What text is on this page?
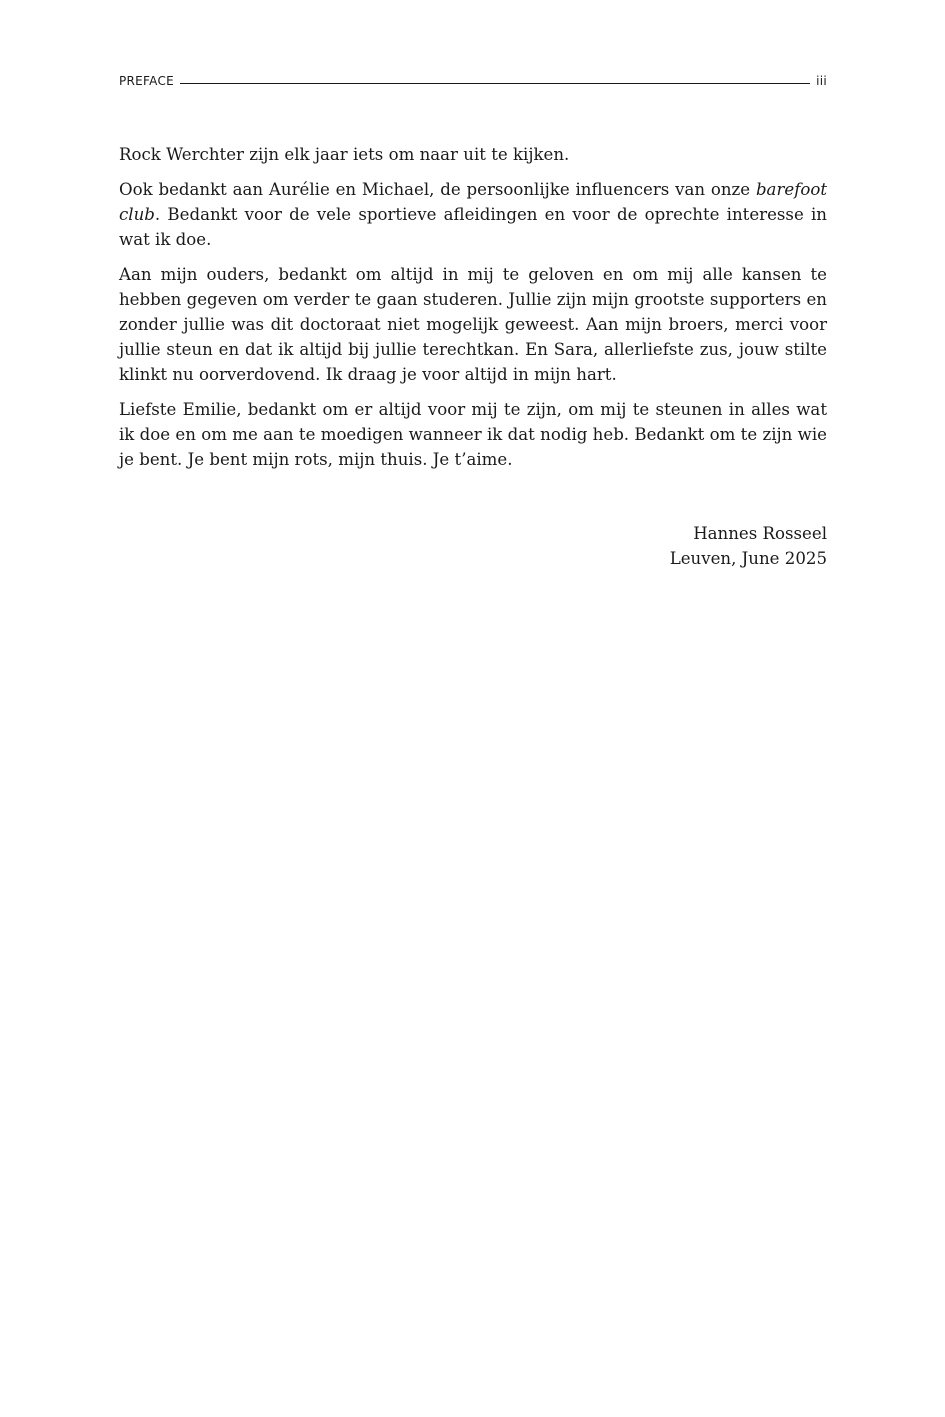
PREFACE	iii

Rock Werchter zijn elk jaar iets om naar uit te kijken.

Ook bedankt aan Aurélie en Michael, de persoonlijke influencers van onze barefoot club. Bedankt voor de vele sportieve afleidingen en voor de oprechte interesse in wat ik doe.

Aan mijn ouders, bedankt om altijd in mij te geloven en om mij alle kansen te hebben gegeven om verder te gaan studeren. Jullie zijn mijn grootste supporters en zonder jullie was dit doctoraat niet mogelijk geweest. Aan mijn broers, merci voor jullie steun en dat ik altijd bij jullie terechtkan. En Sara, allerliefste zus, jouw stilte klinkt nu oorverdovend. Ik draag je voor altijd in mijn hart.

Liefste Emilie, bedankt om er altijd voor mij te zijn, om mij te steunen in alles wat ik doe en om me aan te moedigen wanneer ik dat nodig heb. Bedankt om te zijn wie je bent. Je bent mijn rots, mijn thuis. Je t’aime.

Hannes Rosseel
Leuven, June 2025
